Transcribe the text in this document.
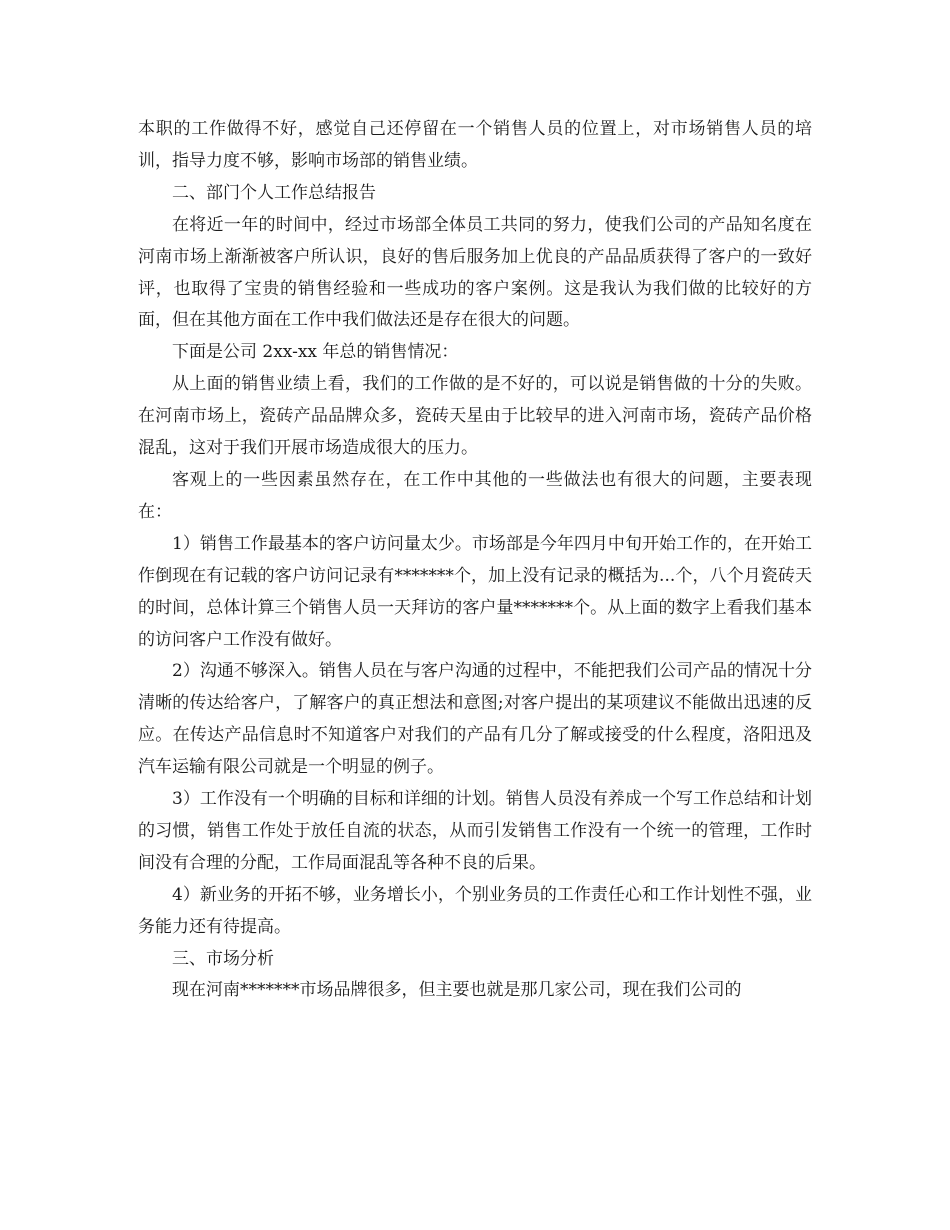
本职的工作做得不好，感觉自己还停留在一个销售人员的位置上，对市场销售人员的培训，指导力度不够，影响市场部的销售业绩。

二、部门个人工作总结报告

在将近一年的时间中，经过市场部全体员工共同的努力，使我们公司的产品知名度在河南市场上渐渐被客户所认识，良好的售后服务加上优良的产品品质获得了客户的一致好评，也取得了宝贵的销售经验和一些成功的客户案例。这是我认为我们做的比较好的方面，但在其他方面在工作中我们做法还是存在很大的问题。

下面是公司 2xx-xx 年总的销售情况：

从上面的销售业绩上看，我们的工作做的是不好的，可以说是销售做的十分的失败。在河南市场上，瓷砖产品品牌众多，瓷砖天星由于比较早的进入河南市场，瓷砖产品价格混乱，这对于我们开展市场造成很大的压力。

客观上的一些因素虽然存在，在工作中其他的一些做法也有很大的问题，主要表现在：

1）销售工作最基本的客户访问量太少。市场部是今年四月中旬开始工作的，在开始工作倒现在有记载的客户访问记录有*******个，加上没有记录的概括为...个，八个月瓷砖天的时间，总体计算三个销售人员一天拜访的客户量*******个。从上面的数字上看我们基本的访问客户工作没有做好。

2）沟通不够深入。销售人员在与客户沟通的过程中，不能把我们公司产品的情况十分清晰的传达给客户，了解客户的真正想法和意图;对客户提出的某项建议不能做出迅速的反应。在传达产品信息时不知道客户对我们的产品有几分了解或接受的什么程度，洛阳迅及汽车运输有限公司就是一个明显的例子。

3）工作没有一个明确的目标和详细的计划。销售人员没有养成一个写工作总结和计划的习惯，销售工作处于放任自流的状态，从而引发销售工作没有一个统一的管理，工作时间没有合理的分配，工作局面混乱等各种不良的后果。

4）新业务的开拓不够，业务增长小，个别业务员的工作责任心和工作计划性不强，业务能力还有待提高。

三、市场分析

现在河南*******市场品牌很多，但主要也就是那几家公司，现在我们公司的
